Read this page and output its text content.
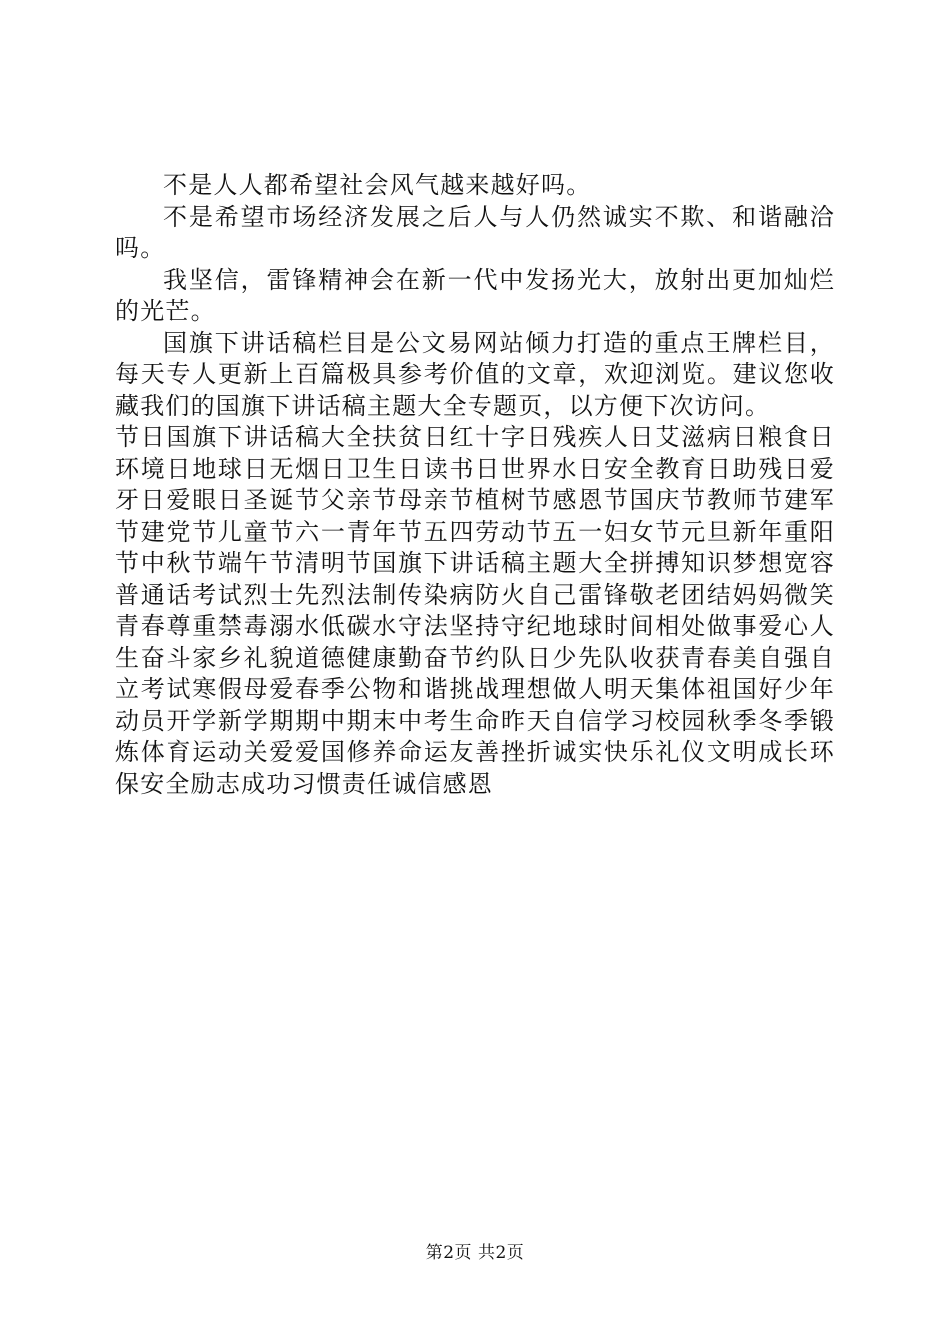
不是人人都希望社会风气越来越好吗。

不是希望市场经济发展之后人与人仍然诚实不欺、和谐融洽吗。

我坚信，雷锋精神会在新一代中发扬光大，放射出更加灿烂的光芒。

国旗下讲话稿栏目是公文易网站倾力打造的重点王牌栏目，每天专人更新上百篇极具参考价值的文章，欢迎浏览。建议您收藏我们的国旗下讲话稿主题大全专题页，以方便下次访问。

节日国旗下讲话稿大全扶贫日红十字日残疾人日艾滋病日粮食日环境日地球日无烟日卫生日读书日世界水日安全教育日助残日爱牙日爱眼日圣诞节父亲节母亲节植树节感恩节国庆节教师节建军节建党节儿童节六一青年节五四劳动节五一妇女节元旦新年重阳节中秋节端午节清明节国旗下讲话稿主题大全拼搏知识梦想宽容普通话考试烈士先烈法制传染病防火自己雷锋敬老团结妈妈微笑青春尊重禁毒溺水低碳水守法坚持守纪地球时间相处做事爱心人生奋斗家乡礼貌道德健康勤奋节约队日少先队收获青春美自强自立考试寒假母爱春季公物和谐挑战理想做人明天集体祖国好少年动员开学新学期期中期末中考生命昨天自信学习校园秋季冬季锻炼体育运动关爱爱国修养命运友善挫折诚实快乐礼仪文明成长环保安全励志成功习惯责任诚信感恩

第2页 共2页
